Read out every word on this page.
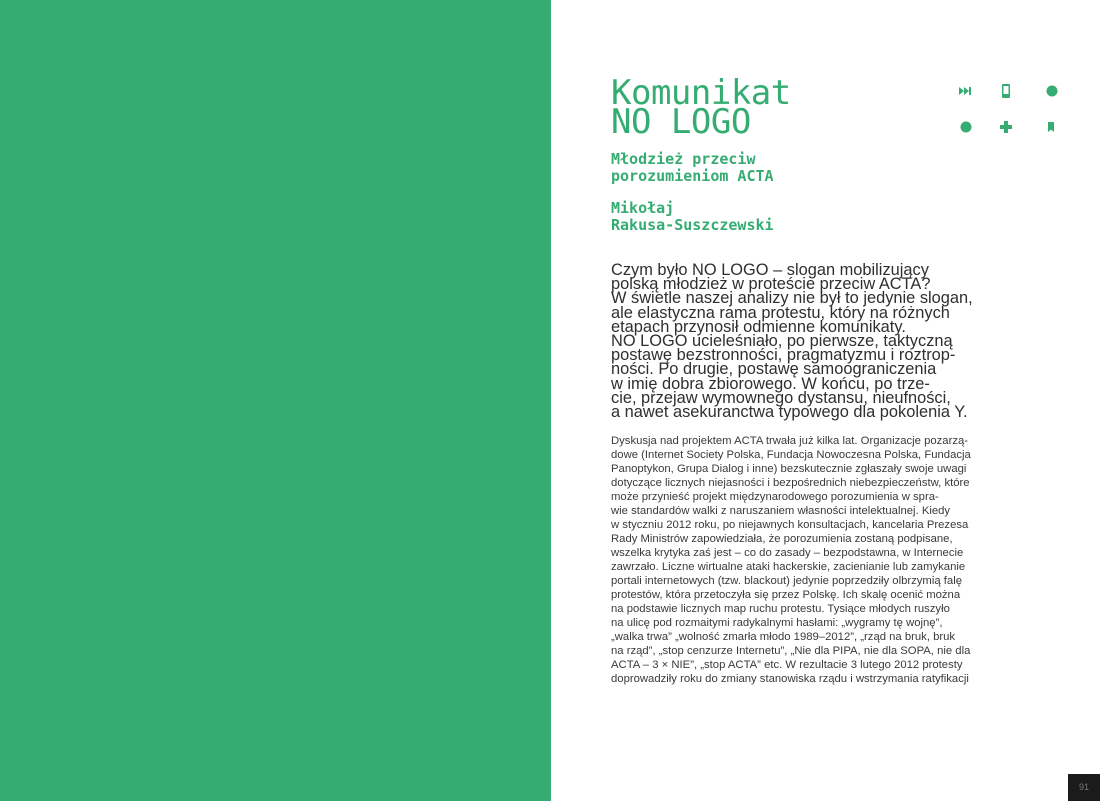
Komunikat
NO LOGO
Młodzież przeciw
porozumieniom ACTA
Mikołaj
Rakusa-Suszczewski

Czym było NO LOGO – slogan mobilizujący
polską młodzież w proteście przeciw ACTA?
W świetle naszej analizy nie był to jedynie slogan,
ale elastyczna rama protestu, który na różnych
etapach przynosił odmienne komunikaty.
NO LOGO ucieleśniało, po pierwsze, taktyczną
postawę bezstronności, pragmatyzmu i roztrop-
ności. Po drugie, postawę samoograniczenia
w imię dobra zbiorowego. W końcu, po trze-
cie, przejaw wymownego dystansu, nieufności,
a nawet asekuranctwa typowego dla pokolenia Y.

Dyskusja nad projektem ACTA trwała już kilka lat. Organizacje pozarzą-
dowe (Internet Society Polska, Fundacja Nowoczesna Polska, Fundacja
Panoptykon, Grupa Dialog i inne) bezskutecznie zgłaszały swoje uwagi
dotyczące licznych niejasności i bezpośrednich niebezpieczeństw, które
może przynieść projekt międzynarodowego porozumienia w spra-
wie standardów walki z naruszaniem własności intelektualnej. Kiedy
w styczniu 2012 roku, po niejawnych konsultacjach, kancelaria Prezesa
Rady Ministrów zapowiedziała, że porozumienia zostaną podpisane,
wszelka krytyka zaś jest – co do zasady – bezpodstawna, w Internecie
zawrzało. Liczne wirtualne ataki hackerskie, zacienianie lub zamykanie
portali internetowych (tzw. blackout) jedynie poprzedziły olbrzymią falę
protestów, która przetoczyła się przez Polskę. Ich skalę ocenić można
na podstawie licznych map ruchu protestu. Tysiące młodych ruszyło
na ulicę pod rozmaitymi radykalnymi hasłami: „wygramy tę wojnę”,
„walka trwa” „wolność zmarła młodo 1989–2012”, „rząd na bruk, bruk
na rząd”, „stop cenzurze Internetu”, „Nie dla PIPA, nie dla SOPA, nie dla
ACTA – 3 × NIE”, „stop ACTA” etc. W rezultacie 3 lutego 2012 protesty
doprowadziły roku do zmiany stanowiska rządu i wstrzymania ratyfikacji

91
